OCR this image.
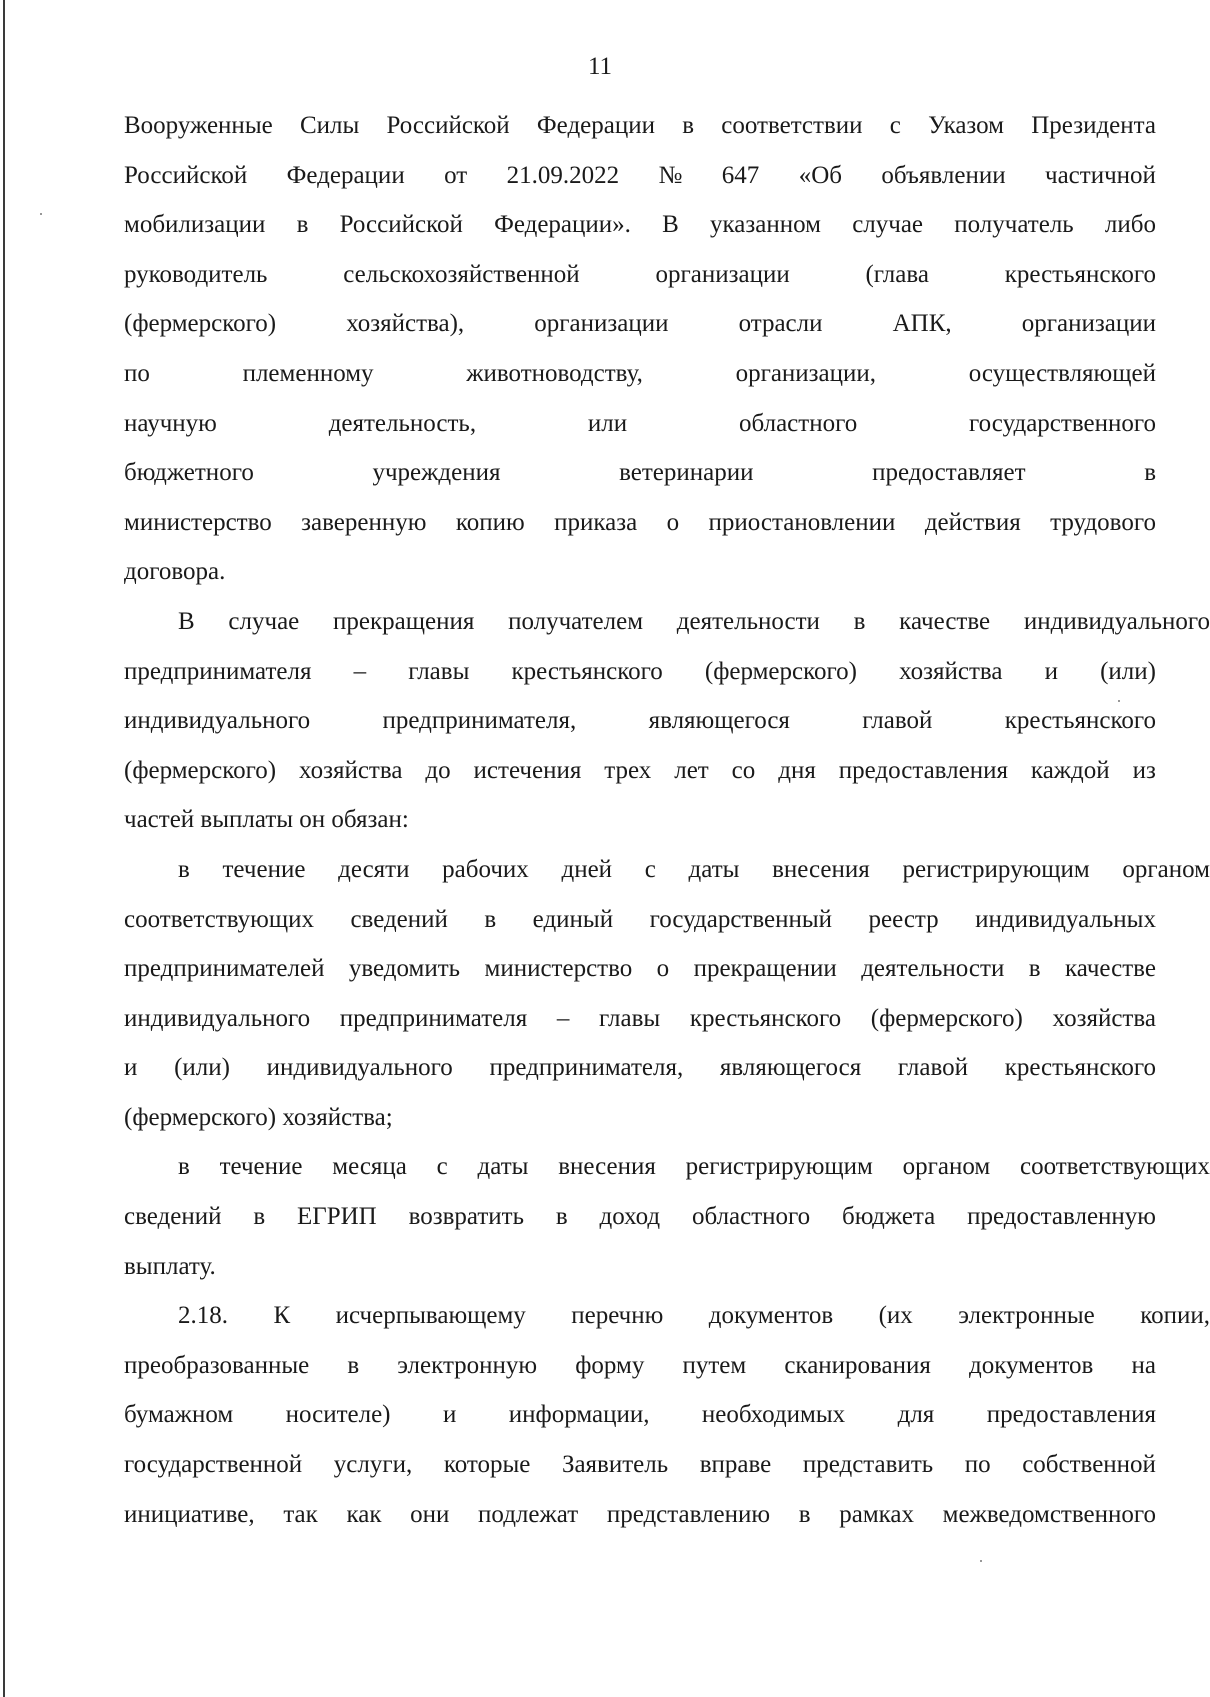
11
Вооруженные Силы Российской Федерации в соответствии с Указом Президента
Российской Федерации от 21.09.2022 № 647 «Об объявлении частичной
мобилизации в Российской Федерации». В указанном случае получатель либо
руководитель	сельскохозяйственной	организации	(глава	крестьянского
(фермерского)	хозяйства),	организации	отрасли	АПК,	организации
по	племенному	животноводству,	организации,	осуществляющей
научную	деятельность,	или	областного	государственного
бюджетного	учреждения	ветеринарии	предоставляет	в
министерство заверенную копию приказа о приостановлении действия трудового
договора.
В случае прекращения получателем деятельности в качестве индивидуального
предпринимателя – главы крестьянского (фермерского) хозяйства и (или)
индивидуального	предпринимателя,	являющегося	главой	крестьянского
(фермерского) хозяйства до истечения трех лет со дня предоставления каждой из
частей выплаты он обязан:
в течение десяти рабочих дней с даты внесения регистрирующим органом
соответствующих сведений в единый государственный реестр индивидуальных
предпринимателей уведомить министерство о прекращении деятельности в качестве
индивидуального предпринимателя – главы крестьянского (фермерского) хозяйства
и (или) индивидуального предпринимателя, являющегося главой крестьянского
(фермерского) хозяйства;
в течение месяца с даты внесения регистрирующим органом соответствующих
сведений в ЕГРИП возвратить в доход областного бюджета предоставленную
выплату.
2.18. К исчерпывающему перечню документов (их электронные копии,
преобразованные в электронную форму путем сканирования документов на
бумажном носителе) и информации, необходимых для предоставления
государственной услуги, которые Заявитель вправе представить по собственной
инициативе, так как они подлежат представлению в рамках межведомственного
